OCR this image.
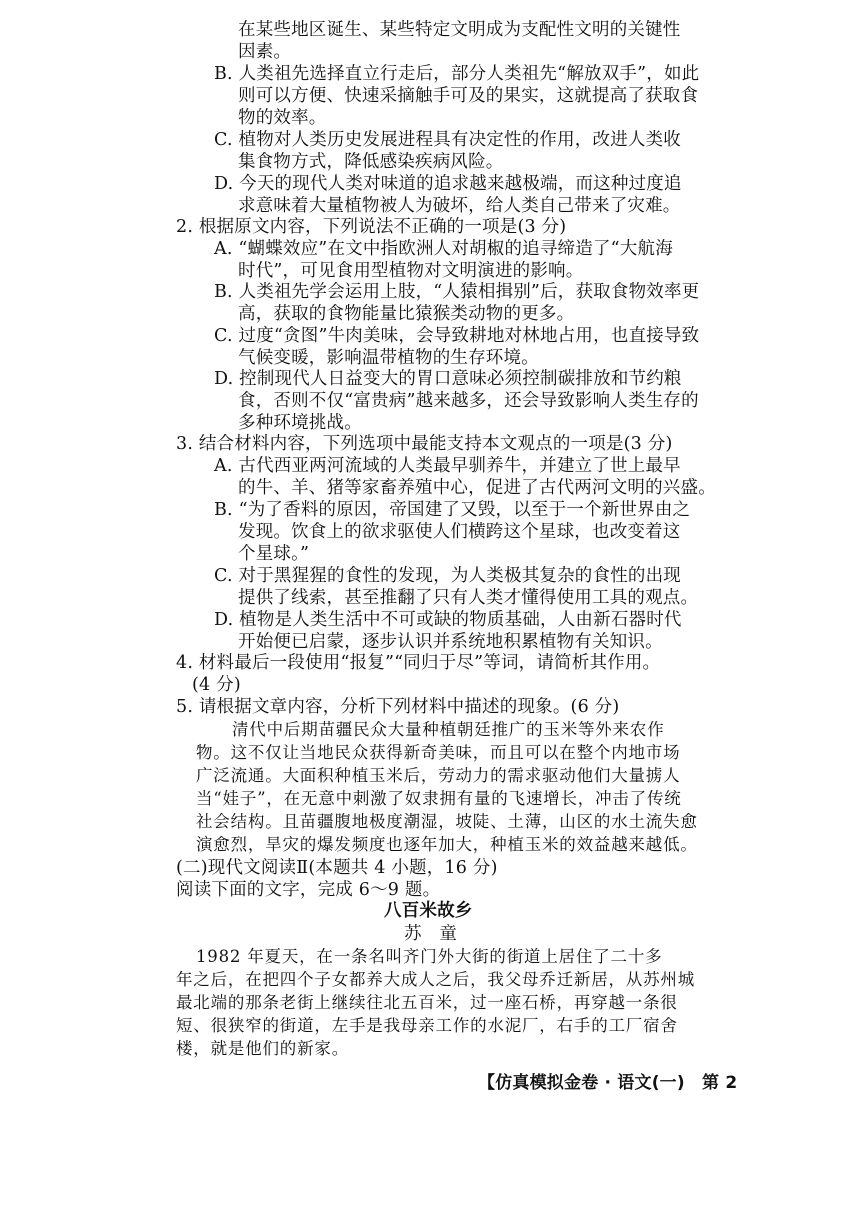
在某些地区诞生、某些特定文明成为支配性文明的关键性
因素。
B. 人类祖先选择直立行走后，部分人类祖先“解放双手”，如此
则可以方便、快速采摘触手可及的果实，这就提高了获取食
物的效率。
C. 植物对人类历史发展进程具有决定性的作用，改进人类收
集食物方式，降低感染疾病风险。
D. 今天的现代人类对味道的追求越来越极端，而这种过度追
求意味着大量植物被人为破坏，给人类自己带来了灾难。
2. 根据原文内容，下列说法不正确的一项是(3 分)
A. “蝴蝶效应”在文中指欧洲人对胡椒的追寻缔造了“大航海
时代”，可见食用型植物对文明演进的影响。
B. 人类祖先学会运用上肢，“人猿相揖别”后，获取食物效率更
高，获取的食物能量比猿猴类动物的更多。
C. 过度“贪图”牛肉美味，会导致耕地对林地占用，也直接导致
气候变暖，影响温带植物的生存环境。
D. 控制现代人日益变大的胃口意味必须控制碳排放和节约粮
食，否则不仅“富贵病”越来越多，还会导致影响人类生存的
多种环境挑战。
3. 结合材料内容，下列选项中最能支持本文观点的一项是(3 分)
A. 古代西亚两河流域的人类最早驯养牛，并建立了世上最早
的牛、羊、猪等家畜养殖中心，促进了古代两河文明的兴盛。
B. “为了香料的原因，帝国建了又毁，以至于一个新世界由之
发现。饮食上的欲求驱使人们横跨这个星球，也改变着这
个星球。”
C. 对于黑猩猩的食性的发现，为人类极其复杂的食性的出现
提供了线索，甚至推翻了只有人类才懂得使用工具的观点。
D. 植物是人类生活中不可或缺的物质基础，人由新石器时代
开始便已启蒙，逐步认识并系统地积累植物有关知识。
4. 材料最后一段使用“报复”“同归于尽”等词，请简析其作用。
(4 分)
5. 请根据文章内容，分析下列材料中描述的现象。(6 分)
清代中后期苗疆民众大量种植朝廷推广的玉米等外来农作
物。这不仅让当地民众获得新奇美味，而且可以在整个内地市场
广泛流通。大面积种植玉米后，劳动力的需求驱动他们大量掳人
当“娃子”，在无意中刺激了奴隶拥有量的飞速增长，冲击了传统
社会结构。且苗疆腹地极度潮湿，坡陡、土薄，山区的水土流失愈
演愈烈，旱灾的爆发频度也逐年加大，种植玉米的效益越来越低。
(二)现代文阅读Ⅱ(本题共 4 小题，16 分)
阅读下面的文字，完成 6～9 题。
八百米故乡
苏　童
1982 年夏天，在一条名叫齐门外大街的街道上居住了二十多
年之后，在把四个子女都养大成人之后，我父母乔迁新居，从苏州城
最北端的那条老街上继续往北五百米，过一座石桥，再穿越一条很
短、很狭窄的街道，左手是我母亲工作的水泥厂，右手的工厂宿舍
楼，就是他们的新家。
【仿真模拟金卷 · 语文(一)　第 2
